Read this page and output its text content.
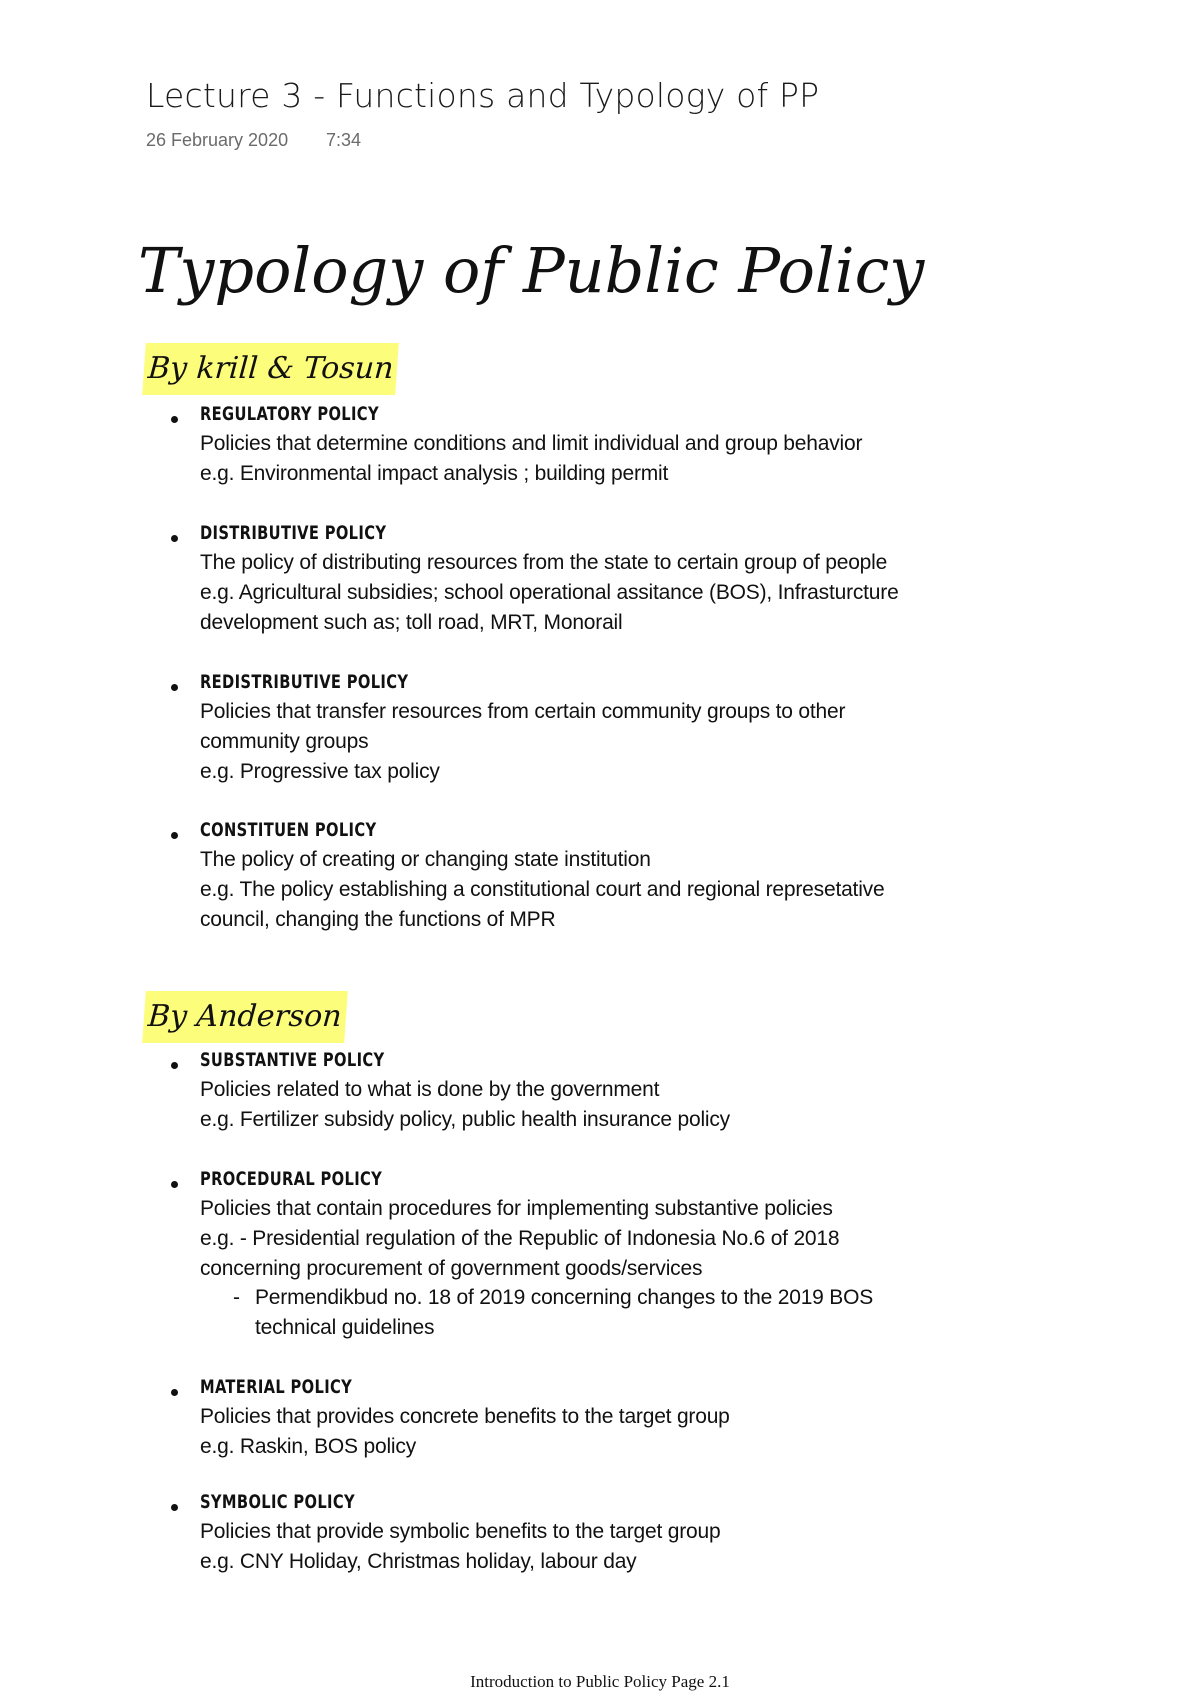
Lecture 3 - Functions and Typology of PP
26 February 2020 7:34
Typology of Public Policy
By krill & Tosun
By Anderson
REGULATORY POLICY
Policies that determine conditions and limit individual and group behavior
e.g. Environmental impact analysis ; building permit
DISTRIBUTIVE POLICY
The policy of distributing resources from the state to certain group of people
e.g. Agricultural subsidies; school operational assitance (BOS), Infrasturcture
development such as; toll road, MRT, Monorail
REDISTRIBUTIVE POLICY
Policies that transfer resources from certain community groups to other
community groups
e.g. Progressive tax policy
CONSTITUEN POLICY
The policy of creating or changing state institution
e.g. The policy establishing a constitutional court and regional represetative
council, changing the functions of MPR
SUBSTANTIVE POLICY
Policies related to what is done by the government
e.g. Fertilizer subsidy policy, public health insurance policy
PROCEDURAL POLICY
Policies that contain procedures for implementing substantive policies
e.g. - Presidential regulation of the Republic of Indonesia No.6 of 2018
concerning procurement of government goods/services
- Permendikbud no. 18 of 2019 concerning changes to the 2019 BOS
technical guidelines
MATERIAL POLICY
Policies that provides concrete benefits to the target group
e.g. Raskin, BOS policy
SYMBOLIC POLICY
Policies that provide symbolic benefits to the target group
e.g. CNY Holiday, Christmas holiday, labour day
Introduction to Public Policy Page 2.1
